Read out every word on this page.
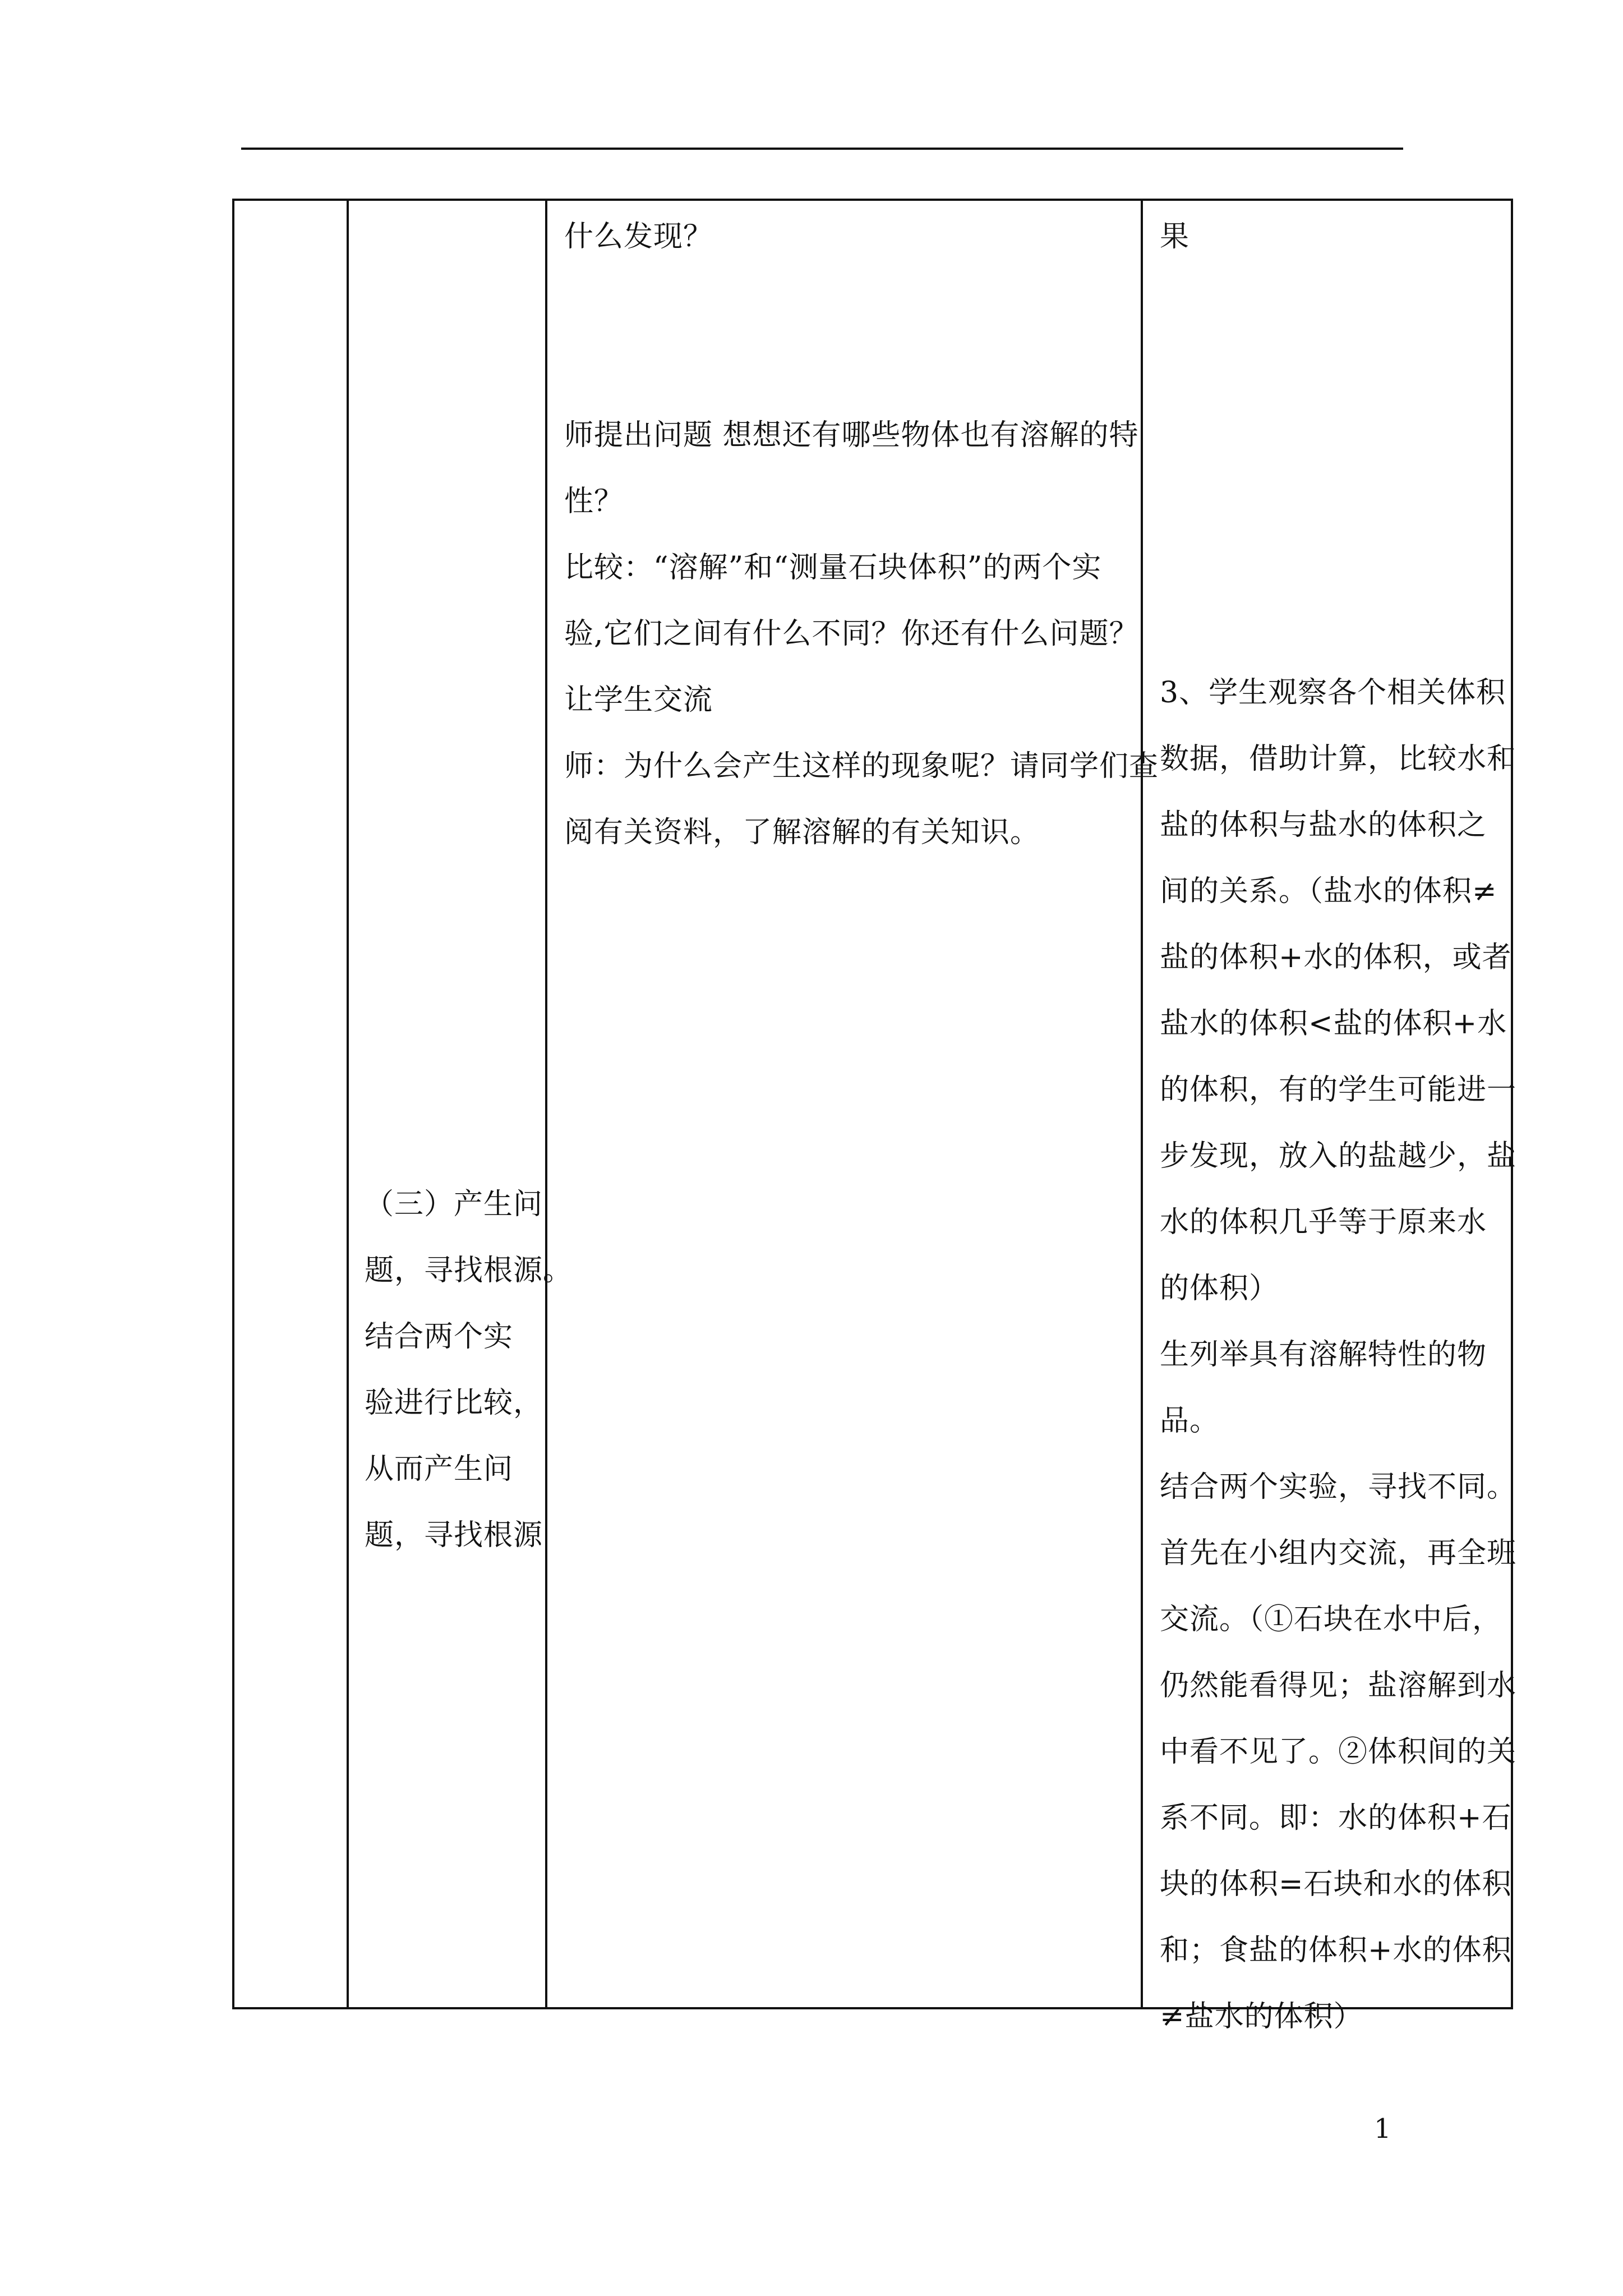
（三）产生问
题，寻找根源。
结合两个实
验进行比较，
从而产生问
题，寻找根源
什么发现？

师提出问题 想想还有哪些物体也有溶解的特
性？
比较：“溶解”和“测量石块体积”的两个实
验,它们之间有什么不同？你还有什么问题？
让学生交流
师：为什么会产生这样的现象呢？请同学们查
阅有关资料，了解溶解的有关知识。
果
3、学生观察各个相关体积
数据，借助计算，比较水和
盐的体积与盐水的体积之
间的关系。（盐水的体积≠
盐的体积+水的体积，或者
盐水的体积<盐的体积+水
的体积，有的学生可能进一
步发现，放入的盐越少，盐
水的体积几乎等于原来水
的体积）
生列举具有溶解特性的物
品。
结合两个实验，寻找不同。
首先在小组内交流，再全班
交流。（①石块在水中后，
仍然能看得见；盐溶解到水
中看不见了。②体积间的关
系不同。即：水的体积+石
块的体积=石块和水的体积
和；食盐的体积+水的体积
≠盐水的体积）
1
